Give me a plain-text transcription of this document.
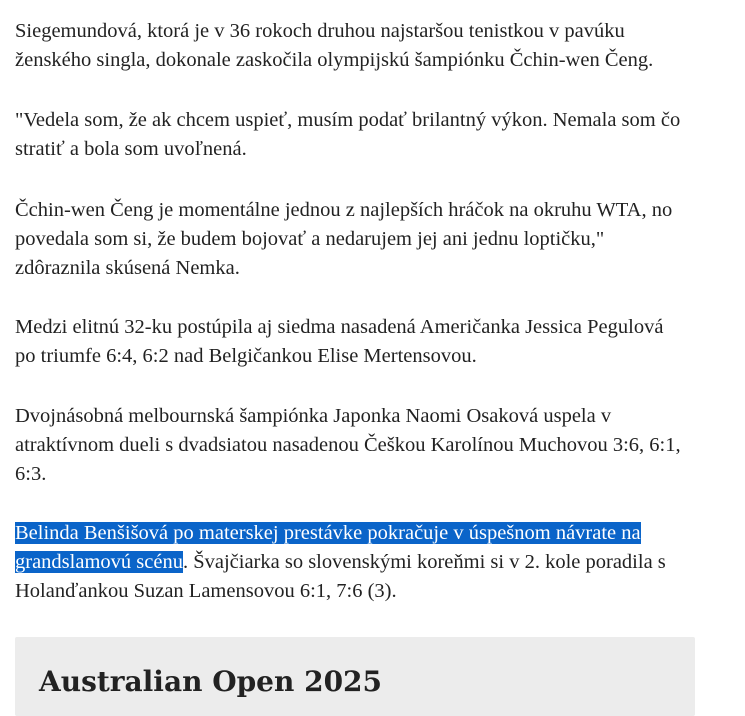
Siegemundová, ktorá je v 36 rokoch druhou najstaršou tenistkou v pavúku
ženského singla, dokonale zaskočila olympijskú šampiónku Čchin-wen Čeng.

"Vedela som, že ak chcem uspieť, musím podať brilantný výkon. Nemala som čo
stratiť a bola som uvoľnená.

Čchin-wen Čeng je momentálne jednou z najlepších hráčok na okruhu WTA, no
povedala som si, že budem bojovať a nedarujem jej ani jednu loptičku,"
zdôraznila skúsená Nemka.

Medzi elitnú 32-ku postúpila aj siedma nasadená Američanka Jessica Pegulová
po triumfe 6:4, 6:2 nad Belgičankou Elise Mertensovou.

Dvojnásobná melbournská šampiónka Japonka Naomi Osaková uspela v
atraktívnom dueli s dvadsiatou nasadenou Češkou Karolínou Muchovou 3:6, 6:1,
6:3.

Belinda Benšišová po materskej prestávke pokračuje v úspešnom návrate na
grandslamovú scénu. Švajčiarka so slovenskými koreňmi si v 2. kole poradila s
Holanďankou Suzan Lamensovou 6:1, 7:6 (3).

Australian Open 2025
